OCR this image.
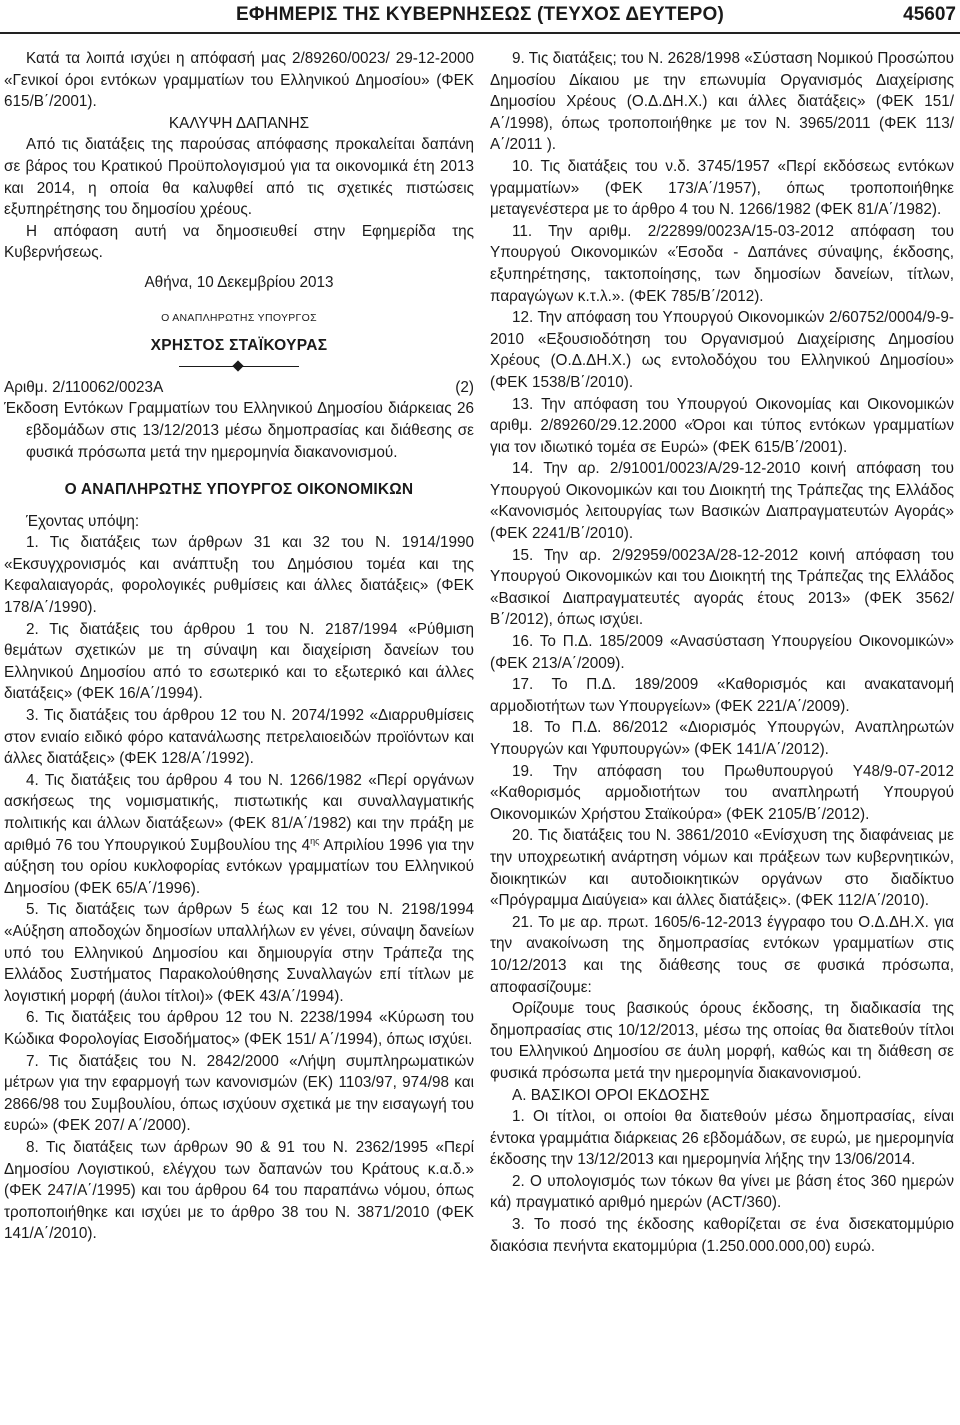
ΕΦΗΜΕΡΙΣ ΤΗΣ ΚΥΒΕΡΝΗΣΕΩΣ (ΤΕΥΧΟΣ ΔΕΥΤΕΡΟ)	45607

Κατά τα λοιπά ισχύει η απόφασή μας 2/89260/0023/ 29-12-2000 «Γενικοί όροι εντόκων γραμματίων του Ελληνικού Δημοσίου» (ΦΕΚ 615/Β΄/2001).

ΚΑΛΥΨΗ ΔΑΠΑΝΗΣ

Από τις διατάξεις της παρούσας απόφασης προκαλείται δαπάνη σε βάρος του Κρατικού Προϋπολογισμού για τα οικονομικά έτη 2013 και 2014, η οποία θα καλυφθεί από τις σχετικές πιστώσεις εξυπηρέτησης του δημοσίου χρέους.

Η απόφαση αυτή να δημοσιευθεί στην Εφημερίδα της Κυβερνήσεως.

Αθήνα, 10 Δεκεμβρίου 2013

Ο ΑΝΑΠΛΗΡΩΤΗΣ ΥΠΟΥΡΓΟΣ

ΧΡΗΣΤΟΣ ΣΤΑΪΚΟΥΡΑΣ

Αριθμ. 2/110062/0023Α	(2)

Έκδοση Εντόκων Γραμματίων του Ελληνικού Δημοσίου διάρκειας 26 εβδομάδων στις 13/12/2013 μέσω δημοπρασίας και διάθεσης σε φυσικά πρόσωπα μετά την ημερομηνία διακανονισμού.

Ο ΑΝΑΠΛΗΡΩΤΗΣ ΥΠΟΥΡΓΟΣ ΟΙΚΟΝΟΜΙΚΩΝ

Έχοντας υπόψη:

1. Τις διατάξεις των άρθρων 31 και 32 του Ν. 1914/1990 «Εκσυγχρονισμός και ανάπτυξη του Δημόσιου τομέα και της Κεφαλαιαγοράς, φορολογικές ρυθμίσεις και άλλες διατάξεις» (ΦΕΚ 178/Α΄/1990).

2. Τις διατάξεις του άρθρου 1 του Ν. 2187/1994 «Ρύθμιση θεμάτων σχετικών με τη σύναψη και διαχείριση δανείων του Ελληνικού Δημοσίου από το εσωτερικό και το εξωτερικό και άλλες διατάξεις» (ΦΕΚ 16/Α΄/1994).

3. Τις διατάξεις του άρθρου 12 του Ν. 2074/1992 «Διαρρυθμίσεις στον ενιαίο ειδικό φόρο κατανάλωσης πετρελαιοειδών προϊόντων και άλλες διατάξεις» (ΦΕΚ 128/Α΄/1992).

4. Τις διατάξεις του άρθρου 4 του Ν. 1266/1982 «Περί οργάνων ασκήσεως της νομισματικής, πιστωτικής και συναλλαγματικής πολιτικής και άλλων διατάξεων» (ΦΕΚ 81/Α΄/1982) και την πράξη με αριθμό 76 του Υπουργικού Συμβουλίου της $4^{\eta\varsigma}$ Απριλίου 1996 για την αύξηση του ορίου κυκλοφορίας εντόκων γραμματίων του Ελληνικού Δημοσίου (ΦΕΚ 65/Α΄/1996).

5. Τις διατάξεις των άρθρων 5 έως και 12 του Ν. 2198/1994 «Αύξηση αποδοχών δημοσίων υπαλλήλων εν γένει, σύναψη δανείων υπό του Ελληνικού Δημοσίου και δημιουργία στην Τράπεζα της Ελλάδος Συστήματος Παρακολούθησης Συναλλαγών επί τίτλων με λογιστική μορφή (άυλοι τίτλοι)» (ΦΕΚ 43/Α΄/1994).

6. Τις διατάξεις του άρθρου 12 του Ν. 2238/1994 «Κύρωση του Κώδικα Φορολογίας Εισοδήματος» (ΦΕΚ 151/ Α΄/1994), όπως ισχύει.

7. Τις διατάξεις του Ν. 2842/2000 «Λήψη συμπληρωματικών μέτρων για την εφαρμογή των κανονισμών (ΕΚ) 1103/97, 974/98 και 2866/98 του Συμβουλίου, όπως ισχύουν σχετικά με την εισαγωγή του ευρώ» (ΦΕΚ 207/ Α΄/2000).

8. Τις διατάξεις των άρθρων 90 & 91 του Ν. 2362/1995 «Περί Δημοσίου Λογιστικού, ελέγχου των δαπανών του Κράτους κ.α.δ.» (ΦΕΚ 247/Α΄/1995) και του άρθρου 64 του παραπάνω νόμου, όπως τροποποιήθηκε και ισχύει με το άρθρο 38 του Ν. 3871/2010 (ΦΕΚ 141/Α΄/2010).

9. Τις διατάξεις; του Ν. 2628/1998 «Σύσταση Νομικού Προσώπου Δημοσίου Δίκαιου με την επωνυμία Οργανισμός Διαχείρισης Δημοσίου Χρέους (Ο.Δ.ΔΗ.Χ.) και άλλες διατάξεις» (ΦΕΚ 151/Α΄/1998), όπως τροποποιήθηκε με τον Ν. 3965/2011 (ΦΕΚ 113/Α΄/2011 ).

10. Τις διατάξεις του ν.δ. 3745/1957 «Περί εκδόσεως εντόκων γραμματίων» (ΦΕΚ 173/Α΄/1957), όπως τροποποιήθηκε μεταγενέστερα με το άρθρο 4 του Ν. 1266/1982 (ΦΕΚ 81/Α΄/1982).

11. Την αριθμ. 2/22899/0023Α/15-03-2012 απόφαση του Υπουργού Οικονομικών «Έσοδα - Δαπάνες σύναψης, έκδοσης, εξυπηρέτησης, τακτοποίησης, των δημοσίων δανείων, τίτλων, παραγώγων κ.τ.λ.». (ΦΕΚ 785/Β΄/2012).

12. Την απόφαση του Υπουργού Οικονομικών 2/60752/0004/9-9-2010 «Εξουσιοδότηση του Οργανισμού Διαχείρισης Δημοσίου Χρέους (Ο.Δ.ΔΗ.Χ.) ως εντολοδόχου του Ελληνικού Δημοσίου» (ΦΕΚ 1538/Β΄/2010).

13. Την απόφαση του Υπουργού Οικονομίας και Οικονομικών αριθμ. 2/89260/29.12.2000 «Όροι και τύπος εντόκων γραμματίων για τον ιδιωτικό τομέα σε Ευρώ» (ΦΕΚ 615/Β΄/2001).

14. Την αρ. 2/91001/0023/Α/29-12-2010 κοινή απόφαση του Υπουργού Οικονομικών και του Διοικητή της Τράπεζας της Ελλάδος «Κανονισμός λειτουργίας των Βασικών Διαπραγματευτών Αγοράς» (ΦΕΚ 2241/Β΄/2010).

15. Την αρ. 2/92959/0023Α/28-12-2012 κοινή απόφαση του Υπουργού Οικονομικών και του Διοικητή της Τράπεζας της Ελλάδος «Βασικοί Διαπραγματευτές αγοράς έτους 2013» (ΦΕΚ 3562/Β΄/2012), όπως ισχύει.

16. Το Π.Δ. 185/2009 «Ανασύσταση Υπουργείου Οικονομικών» (ΦΕΚ 213/Α΄/2009).

17. Το Π.Δ. 189/2009 «Καθορισμός και ανακατανομή αρμοδιοτήτων των Υπουργείων» (ΦΕΚ 221/Α΄/2009).

18. Το Π.Δ. 86/2012 «Διορισμός Υπουργών, Αναπληρωτών Υπουργών και Υφυπουργών» (ΦΕΚ 141/Α΄/2012).

19. Την απόφαση του Πρωθυπουργού Υ48/9-07-2012 «Καθορισμός αρμοδιοτήτων του αναπληρωτή Υπουργού Οικονομικών Χρήστου Σταϊκούρα» (ΦΕΚ 2105/Β΄/2012).

20. Τις διατάξεις του Ν. 3861/2010 «Ενίσχυση της διαφάνειας με την υποχρεωτική ανάρτηση νόμων και πράξεων των κυβερνητικών, διοικητικών και αυτοδιοικητικών οργάνων στο διαδίκτυο «Πρόγραμμα Διαύγεια» και άλλες διατάξεις». (ΦΕΚ 112/Α΄/2010).

21. Το με αρ. πρωτ. 1605/6-12-2013 έγγραφο του Ο.Δ.ΔΗ.Χ. για την ανακοίνωση της δημοπρασίας εντόκων γραμματίων στις 10/12/2013 και της διάθεσης τους σε φυσικά πρόσωπα, αποφασίζουμε:

Ορίζουμε τους βασικούς όρους έκδοσης, τη διαδικασία της δημοπρασίας στις 10/12/2013, μέσω της οποίας θα διατεθούν τίτλοι του Ελληνικού Δημοσίου σε άυλη μορφή, καθώς και τη διάθεση σε φυσικά πρόσωπα μετά την ημερομηνία διακανονισμού.

Α. ΒΑΣΙΚΟΙ ΟΡΟΙ ΕΚΔΟΣΗΣ

1. Οι τίτλοι, οι οποίοι θα διατεθούν μέσω δημοπρασίας, είναι έντοκα γραμμάτια διάρκειας 26 εβδομάδων, σε ευρώ, με ημερομηνία έκδοσης την 13/12/2013 και ημερομηνία λήξης την 13/06/2014.

2. Ο υπολογισμός των τόκων θα γίνει με βάση έτος 360 ημερών κά) πραγματικό αριθμό ημερών (ACT/360).

3. Το ποσό της έκδοσης καθορίζεται σε ένα δισεκατομμύριο διακόσια πενήντα εκατομμύρια (1.250.000.000,00) ευρώ.
